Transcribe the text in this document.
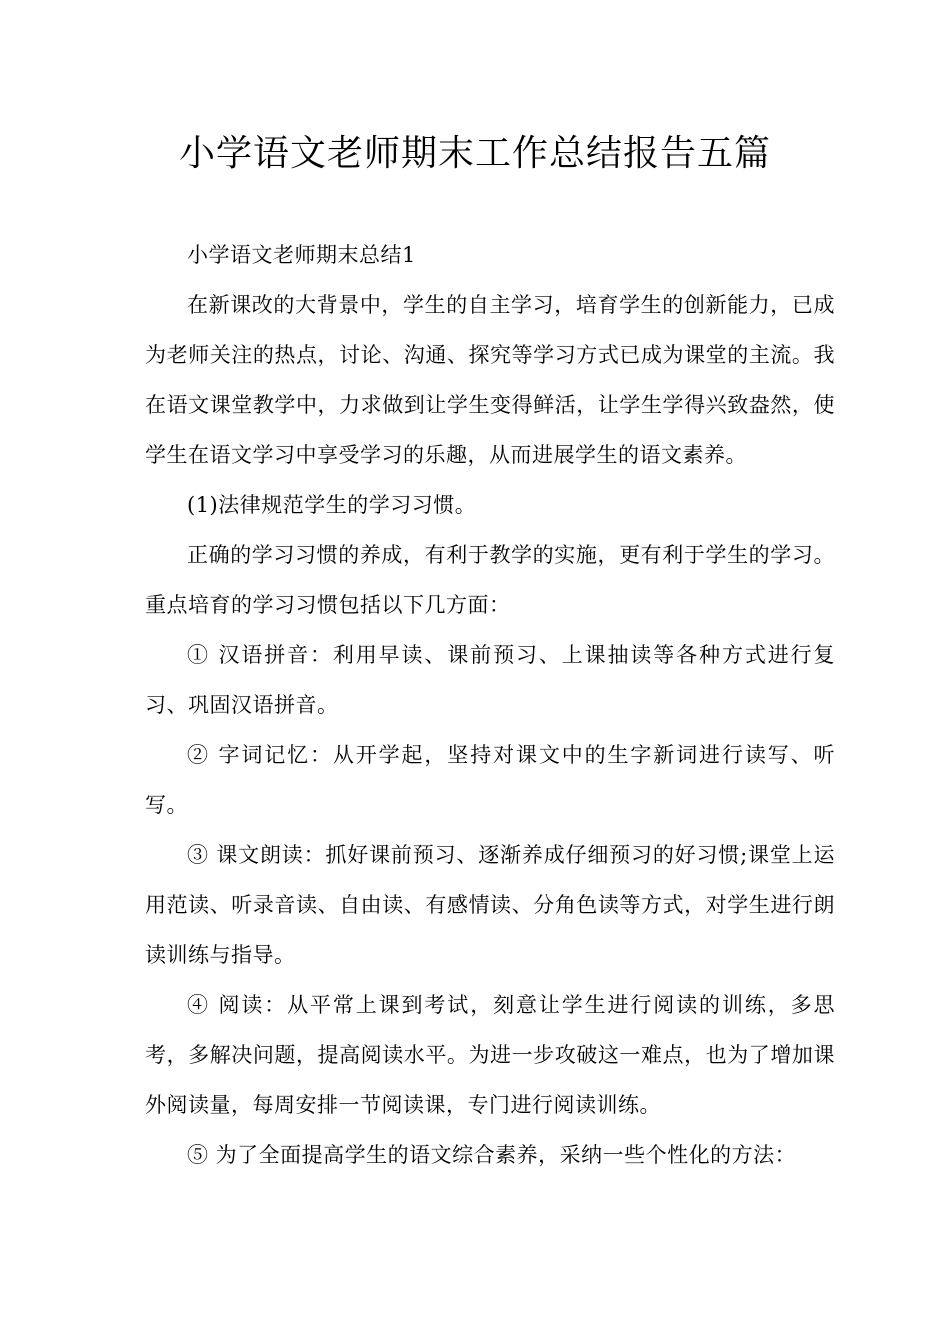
小学语文老师期末工作总结报告五篇

小学语文老师期末总结1

在新课改的大背景中，学生的自主学习，培育学生的创新能力，已成为老师关注的热点，讨论、沟通、探究等学习方式已成为课堂的主流。我在语文课堂教学中，力求做到让学生变得鲜活，让学生学得兴致盎然，使学生在语文学习中享受学习的乐趣，从而进展学生的语文素养。

(1)法律规范学生的学习习惯。

正确的学习习惯的养成，有利于教学的实施，更有利于学生的学习。重点培育的学习习惯包括以下几方面：

① 汉语拼音：利用早读、课前预习、上课抽读等各种方式进行复习、巩固汉语拼音。

② 字词记忆：从开学起，坚持对课文中的生字新词进行读写、听写。

③ 课文朗读：抓好课前预习、逐渐养成仔细预习的好习惯;课堂上运用范读、听录音读、自由读、有感情读、分角色读等方式，对学生进行朗读训练与指导。

④ 阅读：从平常上课到考试，刻意让学生进行阅读的训练，多思考，多解决问题，提高阅读水平。为进一步攻破这一难点，也为了增加课外阅读量，每周安排一节阅读课，专门进行阅读训练。

⑤ 为了全面提高学生的语文综合素养，采纳一些个性化的方法：
